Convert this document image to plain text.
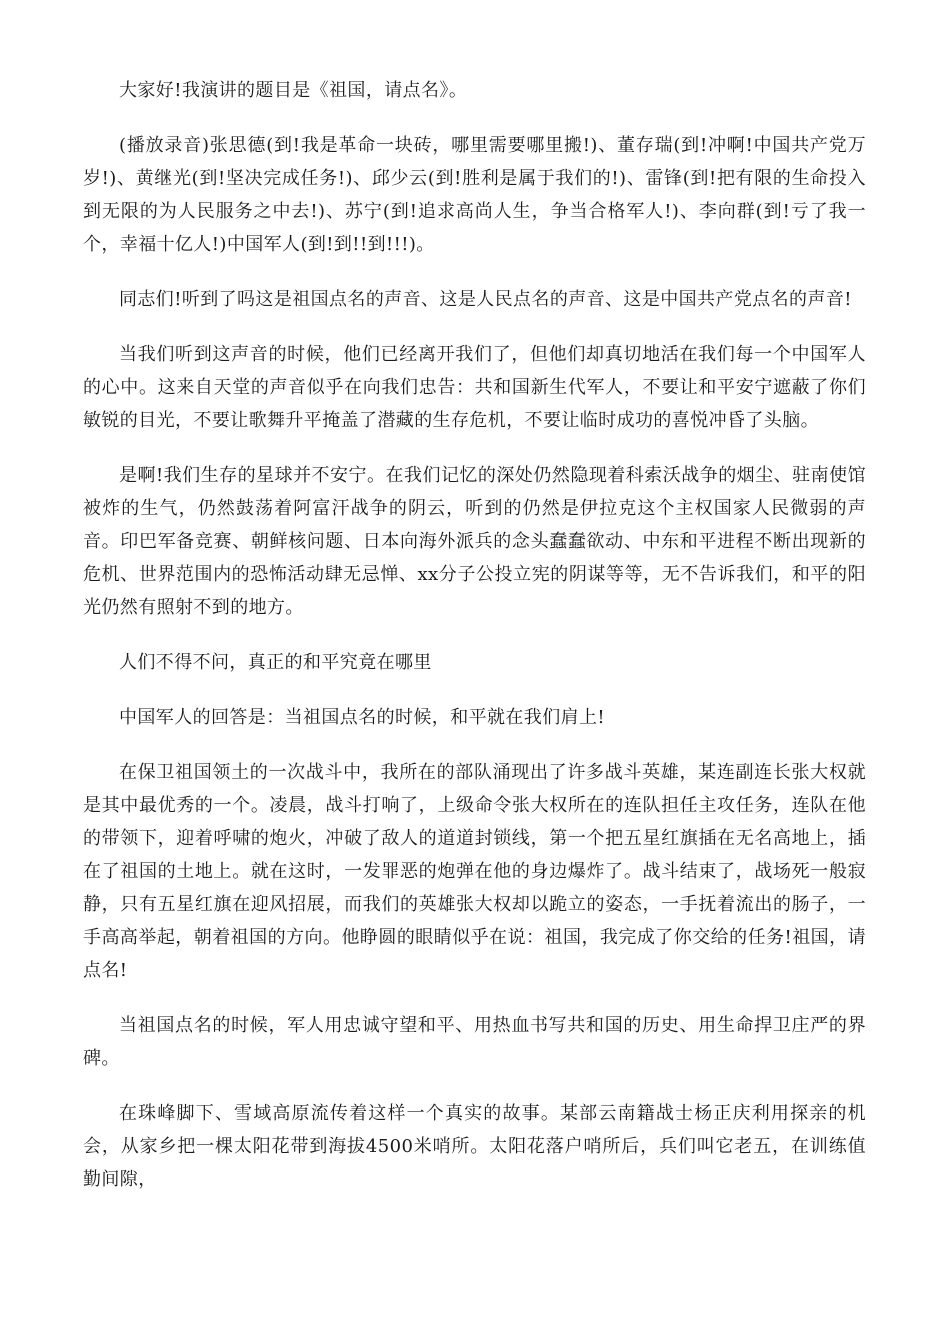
大家好!我演讲的题目是《祖国，请点名》。

(播放录音)张思德(到!我是革命一块砖，哪里需要哪里搬!)、董存瑞(到!冲啊!中国共产党万岁!)、黄继光(到!坚决完成任务!)、邱少云(到!胜利是属于我们的!)、雷锋(到!把有限的生命投入到无限的为人民服务之中去!)、苏宁(到!追求高尚人生，争当合格军人!)、李向群(到!亏了我一个，幸福十亿人!)中国军人(到!到!!到!!!)。

同志们!听到了吗这是祖国点名的声音、这是人民点名的声音、这是中国共产党点名的声音!

当我们听到这声音的时候，他们已经离开我们了，但他们却真切地活在我们每一个中国军人的心中。这来自天堂的声音似乎在向我们忠告：共和国新生代军人，不要让和平安宁遮蔽了你们敏锐的目光，不要让歌舞升平掩盖了潜藏的生存危机，不要让临时成功的喜悦冲昏了头脑。

是啊!我们生存的星球并不安宁。在我们记忆的深处仍然隐现着科索沃战争的烟尘、驻南使馆被炸的生气，仍然鼓荡着阿富汗战争的阴云，听到的仍然是伊拉克这个主权国家人民微弱的声音。印巴军备竞赛、朝鲜核问题、日本向海外派兵的念头蠢蠢欲动、中东和平进程不断出现新的危机、世界范围内的恐怖活动肆无忌惮、xx分子公投立宪的阴谋等等，无不告诉我们，和平的阳光仍然有照射不到的地方。

人们不得不问，真正的和平究竟在哪里

中国军人的回答是：当祖国点名的时候，和平就在我们肩上!

在保卫祖国领土的一次战斗中，我所在的部队涌现出了许多战斗英雄，某连副连长张大权就是其中最优秀的一个。凌晨，战斗打响了，上级命令张大权所在的连队担任主攻任务，连队在他的带领下，迎着呼啸的炮火，冲破了敌人的道道封锁线，第一个把五星红旗插在无名高地上，插在了祖国的土地上。就在这时，一发罪恶的炮弹在他的身边爆炸了。战斗结束了，战场死一般寂静，只有五星红旗在迎风招展，而我们的英雄张大权却以跪立的姿态，一手抚着流出的肠子，一手高高举起，朝着祖国的方向。他睁圆的眼睛似乎在说：祖国，我完成了你交给的任务!祖国，请点名!

当祖国点名的时候，军人用忠诚守望和平、用热血书写共和国的历史、用生命捍卫庄严的界碑。

在珠峰脚下、雪域高原流传着这样一个真实的故事。某部云南籍战士杨正庆利用探亲的机会，从家乡把一棵太阳花带到海拔4500米哨所。太阳花落户哨所后，兵们叫它老五，在训练值勤间隙，
